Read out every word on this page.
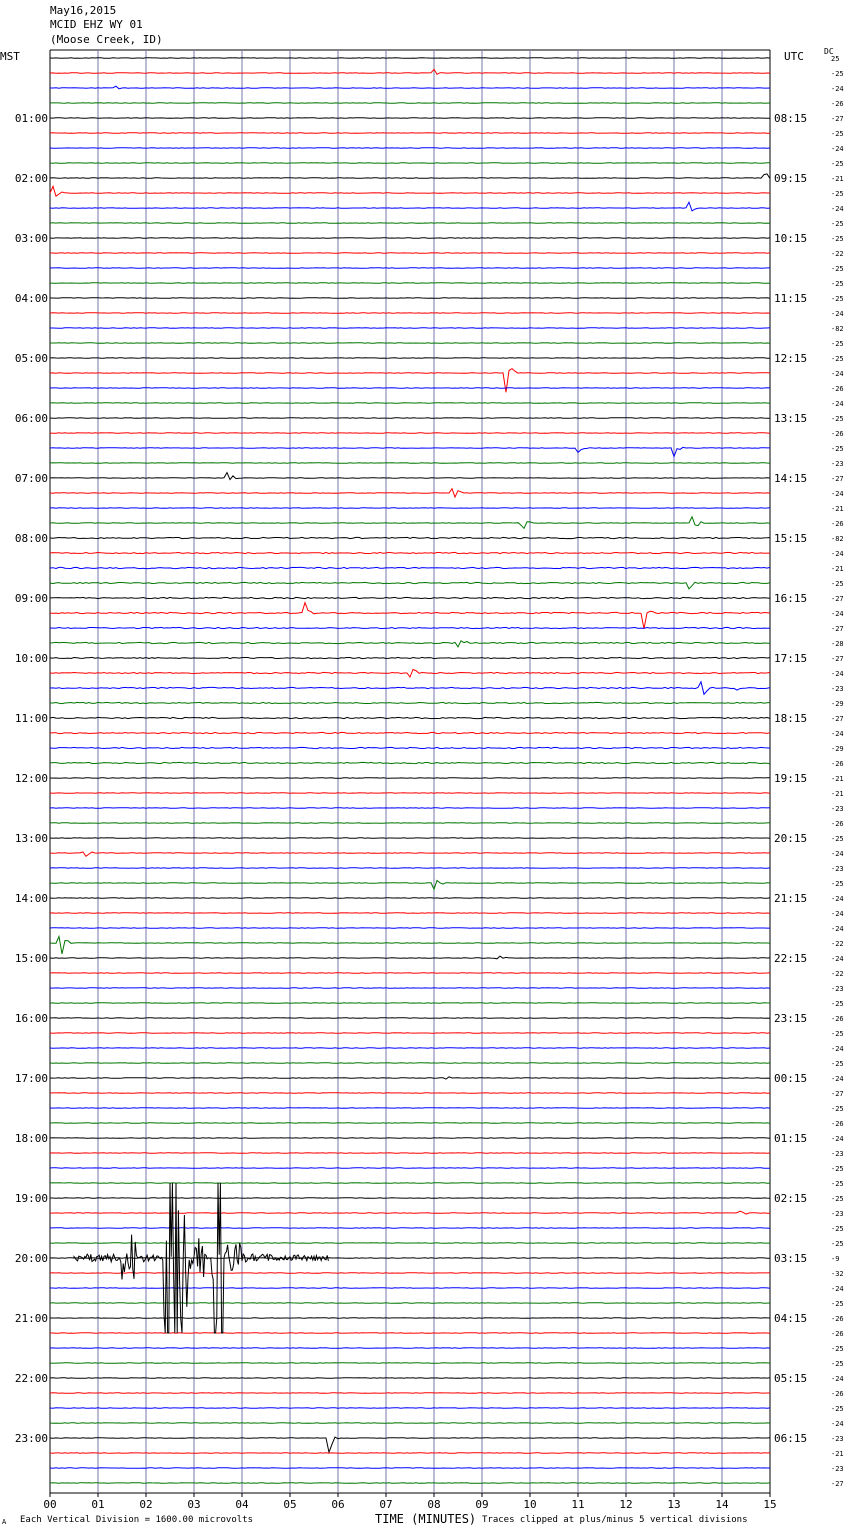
01:00
02:00
03:00
04:00
05:00
06:00
07:00
08:00
09:00
10:00
11:00
12:00
13:00
14:00
15:00
16:00
17:00
18:00
19:00
20:00
21:00
22:00
23:00
08:15
09:15
10:15
11:15
12:15
13:15
14:15
15:15
16:15
17:15
18:15
19:15
20:15
21:15
22:15
23:15
00:15
01:15
02:15
03:15
04:15
05:15
06:15
25
-25
-24
-26
-27
-25
-24
-25
-21
-25
-24
-25
-25
-22
-25
-25
-25
-24
-82
-25
-25
-24
-26
-24
-25
-26
-25
-23
-27
-24
-21
-26
-82
-24
-21
-25
-27
-24
-27
-28
-27
-24
-23
-29
-27
-24
-29
-26
-21
-21
-23
-26
-25
-24
-23
-25
-24
-24
-24
-22
-24
-22
-23
-25
-26
-25
-24
-25
-24
-27
-25
-26
-24
-23
-25
-25
-25
-23
-25
-25
-9
-32
-24
-25
-26
-26
-25
-25
-24
-26
-25
-24
-23
-21
-23
-27
00	01	02	03	04	05	06	07	08	09	10	11	12	13	14	15
May16,2015
MCID EHZ WY 01
(Moose Creek, ID)
MST	UTC	DC
A Each Vertical Division = 1600.00 microvolts	TIME (MINUTES) Traces clipped at plus/minus 5 vertical divisions
